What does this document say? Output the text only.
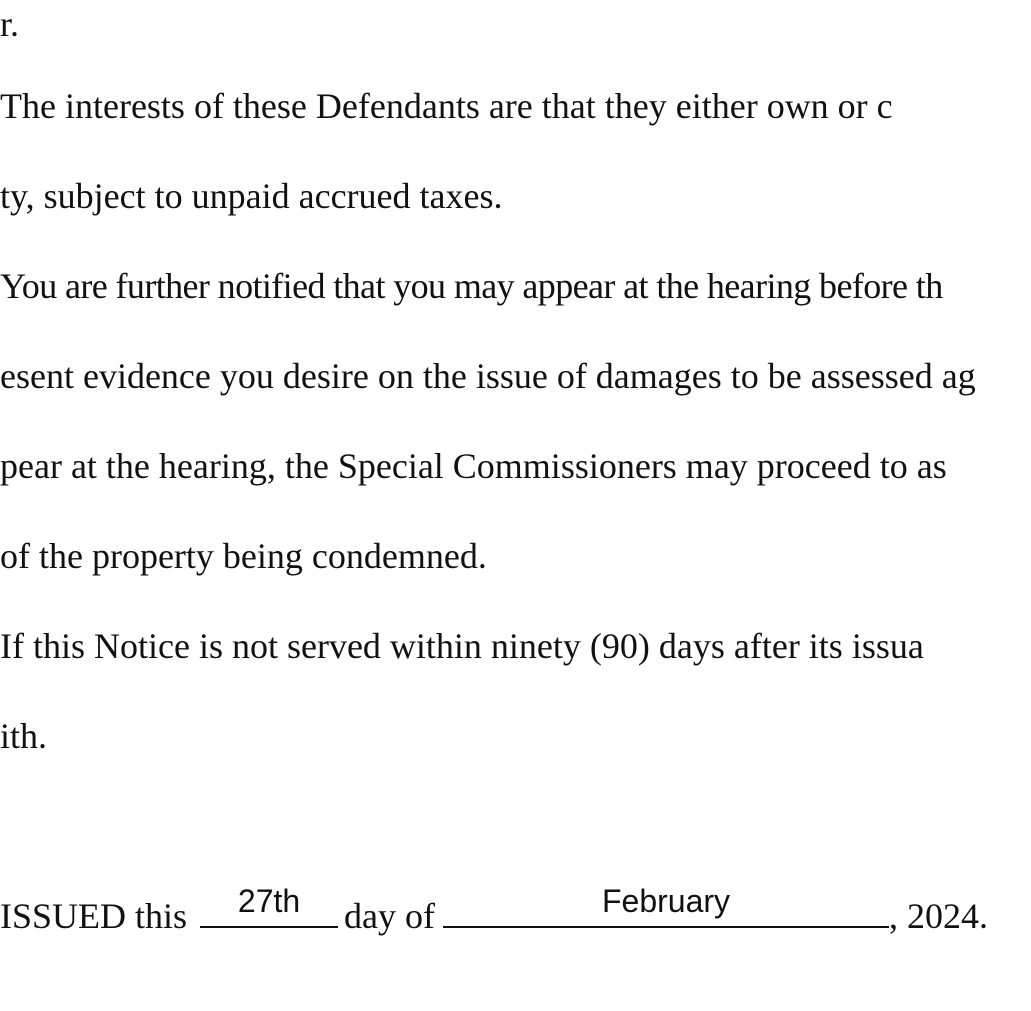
r.
The interests of these Defendants are that they either own or c
ty, subject to unpaid accrued taxes.
You are further notified that you may appear at the hearing before th
esent evidence you desire on the issue of damages to be assessed ag
pear at the hearing, the Special Commissioners may proceed to as
of the property being condemned.
If this Notice is not served within ninety (90) days after its issua
ith.
ISSUED this	27th	day of	February	, 2024.
